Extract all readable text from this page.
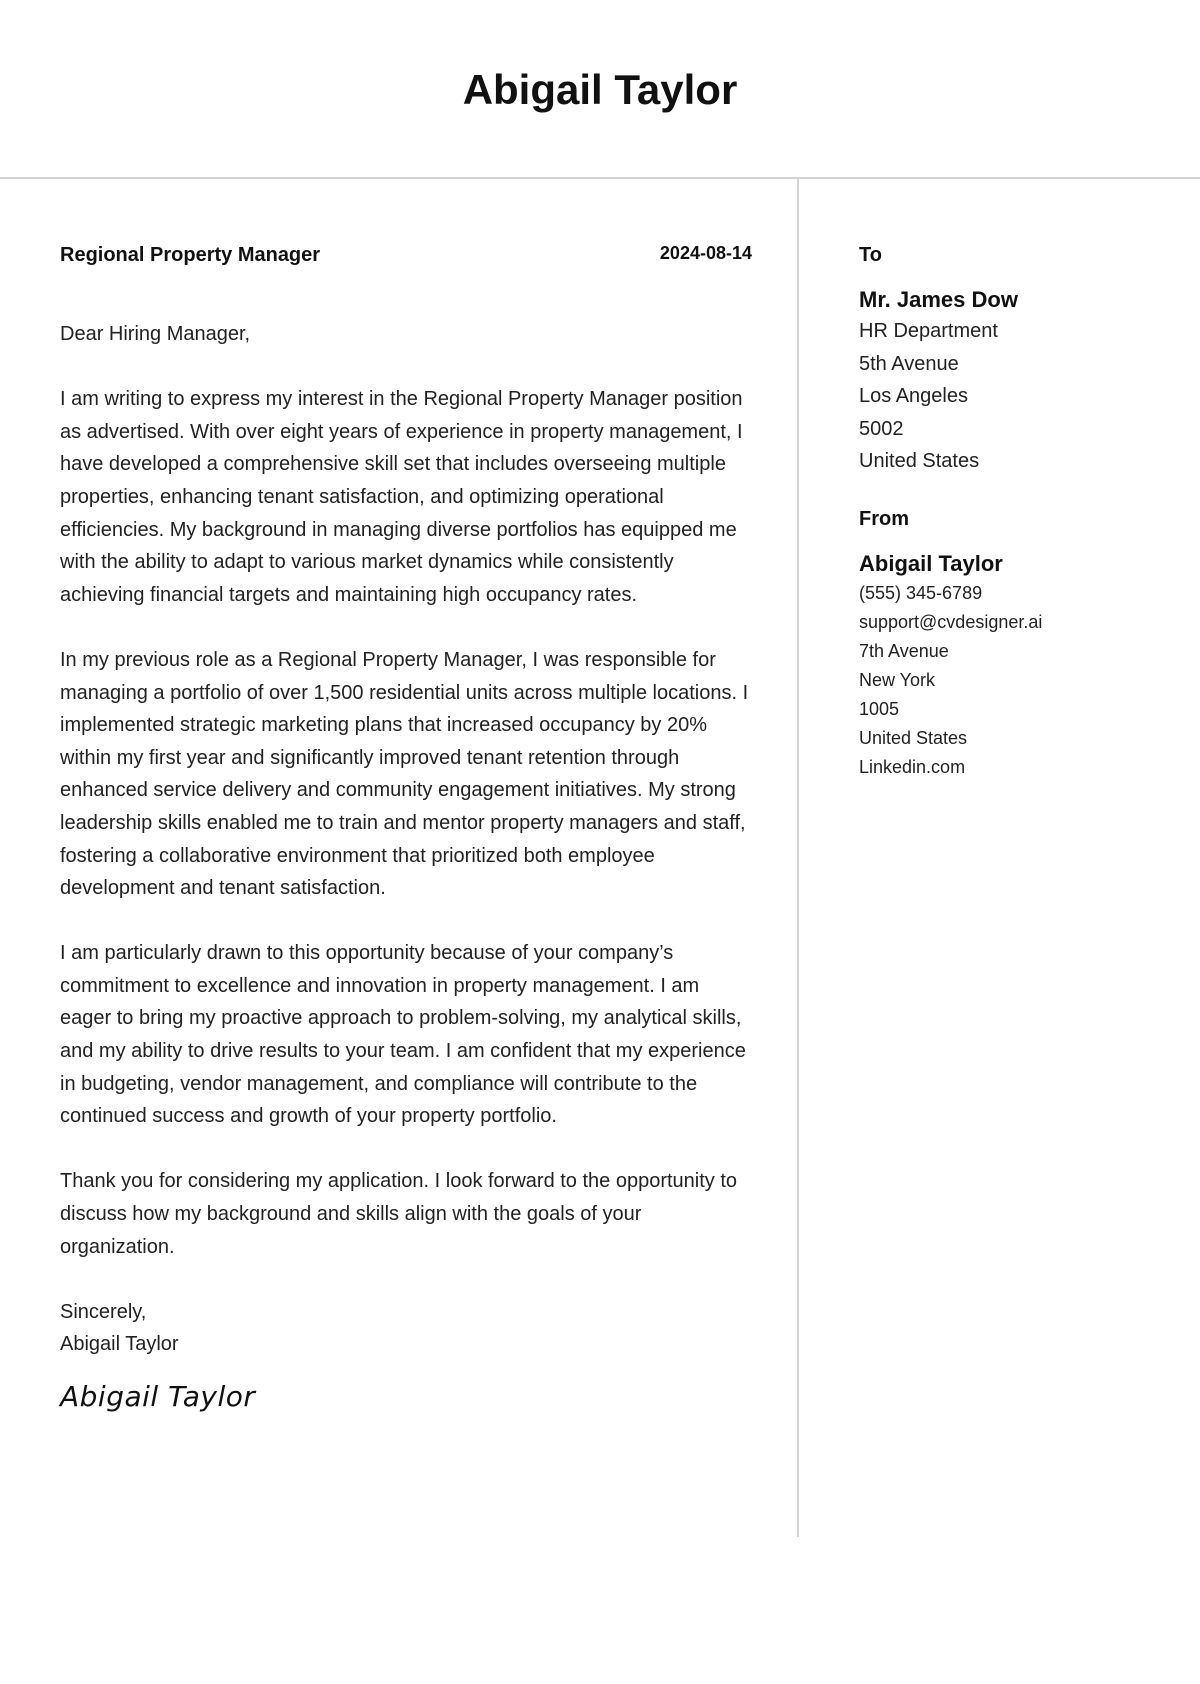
Abigail Taylor
Regional Property Manager	2024-08-14

Dear Hiring Manager,

I am writing to express my interest in the Regional Property Manager position as advertised. With over eight years of experience in property management, I have developed a comprehensive skill set that includes overseeing multiple properties, enhancing tenant satisfaction, and optimizing operational efficiencies. My background in managing diverse portfolios has equipped me with the ability to adapt to various market dynamics while consistently achieving financial targets and maintaining high occupancy rates.

In my previous role as a Regional Property Manager, I was responsible for managing a portfolio of over 1,500 residential units across multiple locations. I implemented strategic marketing plans that increased occupancy by 20% within my first year and significantly improved tenant retention through enhanced service delivery and community engagement initiatives. My strong leadership skills enabled me to train and mentor property managers and staff, fostering a collaborative environment that prioritized both employee development and tenant satisfaction.

I am particularly drawn to this opportunity because of your company’s commitment to excellence and innovation in property management. I am eager to bring my proactive approach to problem-solving, my analytical skills, and my ability to drive results to your team. I am confident that my experience in budgeting, vendor management, and compliance will contribute to the continued success and growth of your property portfolio.

Thank you for considering my application. I look forward to the opportunity to discuss how my background and skills align with the goals of your organization.

Sincerely,
Abigail Taylor
Abigail Taylor
To
Mr. James Dow
HR Department
5th Avenue
Los Angeles
5002
United States
From
Abigail Taylor
(555) 345-6789
support@cvdesigner.ai
7th Avenue
New York
1005
United States
Linkedin.com
